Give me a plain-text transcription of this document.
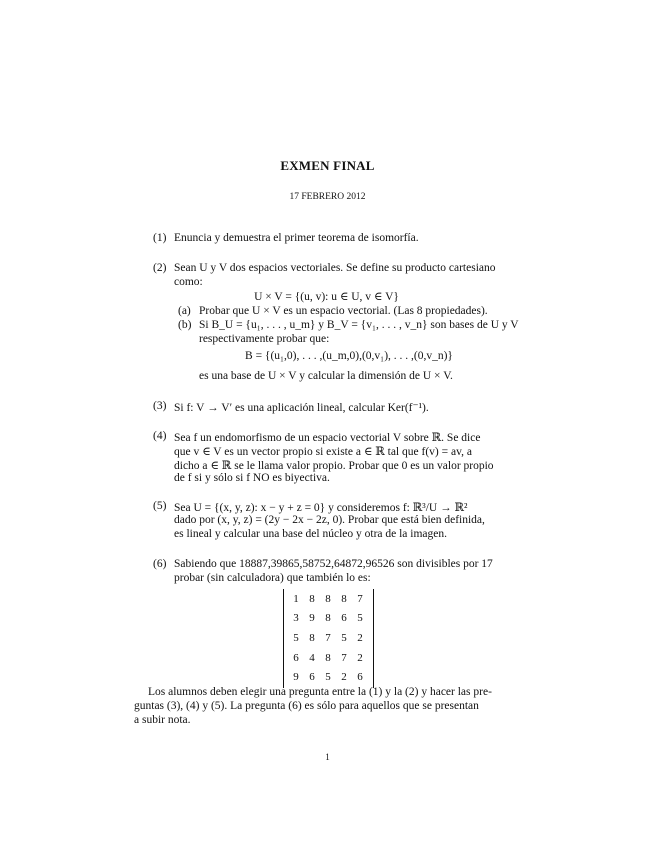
EXMEN FINAL
17 FEBRERO 2012
(1) Enuncia y demuestra el primer teorema de isomorfía.
(2) Sean U y V dos espacios vectoriales. Se define su producto cartesiano
como:
U × V = {(u, v): u ∈ U, v ∈ V}
(a) Probar que U × V es un espacio vectorial. (Las 8 propiedades).
(b) Si B_U = {u₁, . . . , u_m} y B_V = {v₁, . . . , v_n} son bases de U y V
respectivamente probar que:
B = {(u₁,0), . . . ,(u_m,0),(0,v₁), . . . ,(0,v_n)}
es una base de U × V y calcular la dimensión de U × V.
(3) Si f: V → V′ es una aplicación lineal, calcular Ker(f⁻¹).
(4) Sea f un endomorfismo de un espacio vectorial V sobre ℝ. Se dice
que v ∈ V es un vector propio si existe a ∈ ℝ tal que f(v) = av, a
dicho a ∈ ℝ se le llama valor propio. Probar que 0 es un valor propio
de f si y sólo si f NO es biyectiva.
(5) Sea U = {(x, y, z): x − y + z = 0} y consideremos f: ℝ³/U → ℝ²
dado por (x, y, z) = (2y − 2x − 2z, 0). Probar que está bien definida,
es lineal y calcular una base del núcleo y otra de la imagen.
(6) Sabiendo que 18887,39865,58752,64872,96526 son divisibles por 17
probar (sin calculadora) que también lo es:
1	8	8	8	7
3	9	8	6	5
5	8	7	5	2
6	4	8	7	2
9	6	5	2	6
Los alumnos deben elegir una pregunta entre la (1) y la (2) y hacer las pre-
guntas (3), (4) y (5). La pregunta (6) es sólo para aquellos que se presentan
a subir nota.
1
